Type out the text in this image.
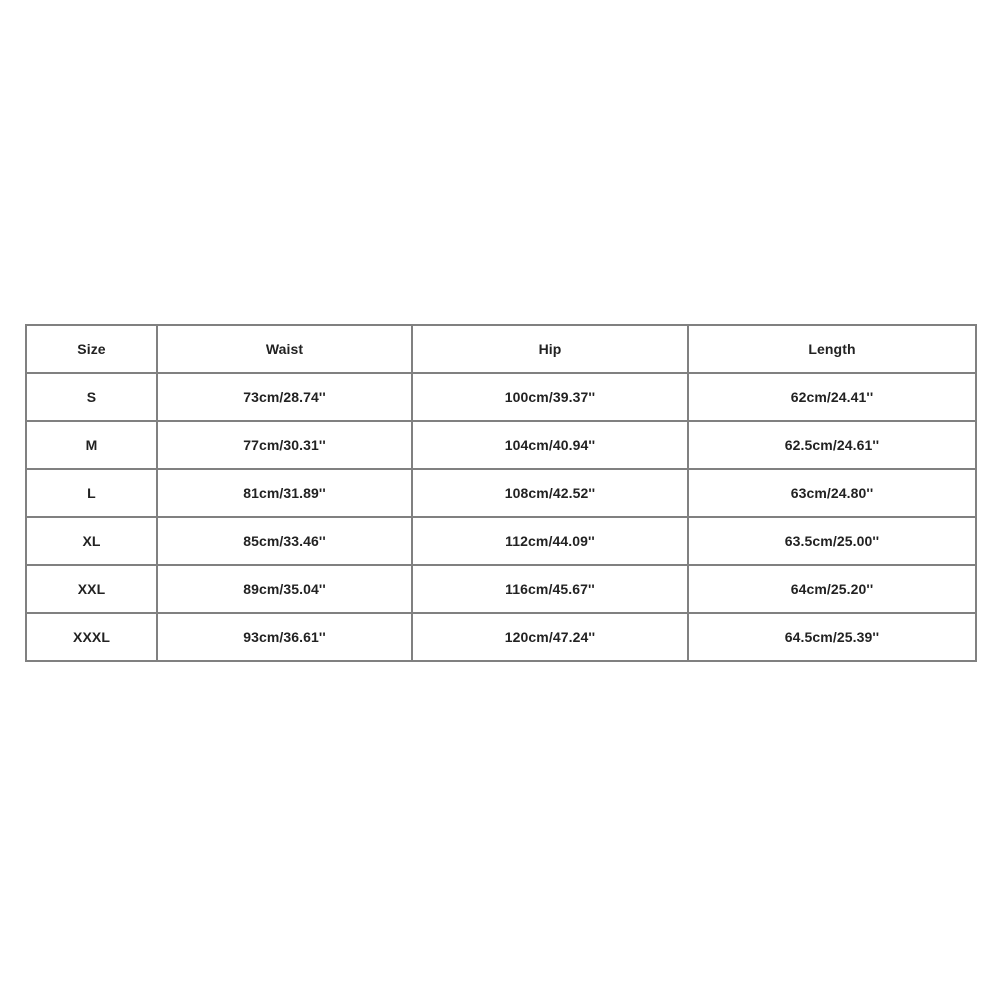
Size	Waist	Hip	Length
S	73cm/28.74''	100cm/39.37''	62cm/24.41''
M	77cm/30.31''	104cm/40.94''	62.5cm/24.61''
L	81cm/31.89''	108cm/42.52''	63cm/24.80''
XL	85cm/33.46''	112cm/44.09''	63.5cm/25.00''
XXL	89cm/35.04''	116cm/45.67''	64cm/25.20''
XXXL	93cm/36.61''	120cm/47.24''	64.5cm/25.39''
